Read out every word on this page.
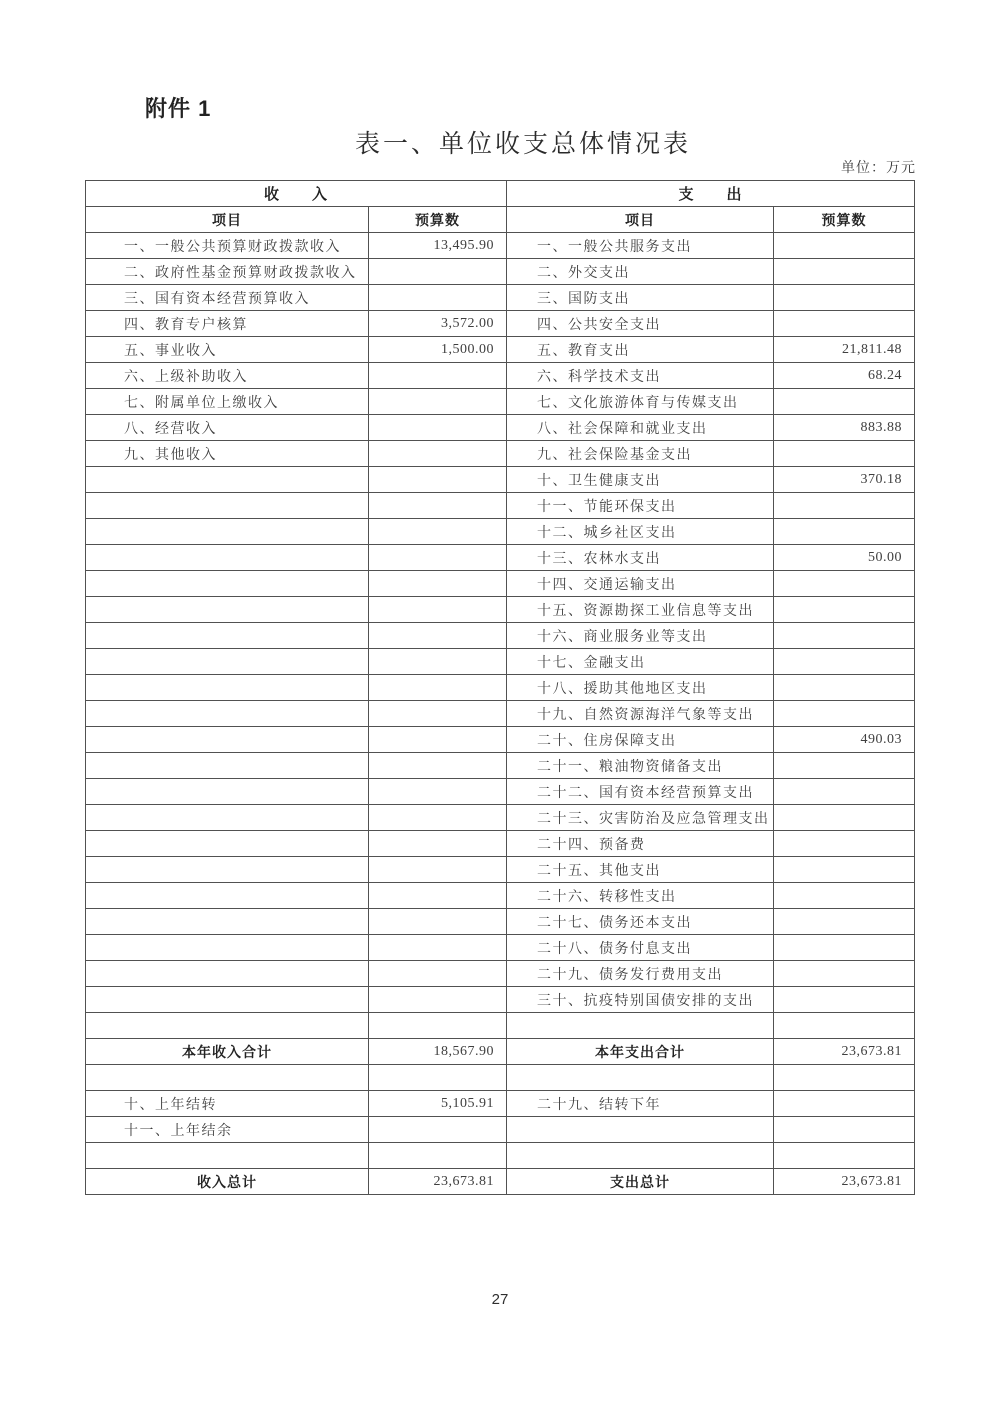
附件 1
表一、单位收支总体情况表
单位：万元
收　　入		支　　出	
项目	预算数	项目	预算数
一、一般公共预算财政拨款收入	13,495.90	一、一般公共服务支出	
二、政府性基金预算财政拨款收入		二、外交支出	
三、国有资本经营预算收入		三、国防支出	
四、教育专户核算	3,572.00	四、公共安全支出	
五、事业收入	1,500.00	五、教育支出	21,811.48
六、上级补助收入		六、科学技术支出	68.24
七、附属单位上缴收入		七、文化旅游体育与传媒支出	
八、经营收入		八、社会保障和就业支出	883.88
九、其他收入		九、社会保险基金支出	
		十、卫生健康支出	370.18
		十一、节能环保支出	
		十二、城乡社区支出	
		十三、农林水支出	50.00
		十四、交通运输支出	
		十五、资源勘探工业信息等支出	
		十六、商业服务业等支出	
		十七、金融支出	
		十八、援助其他地区支出	
		十九、自然资源海洋气象等支出	
		二十、住房保障支出	490.03
		二十一、粮油物资储备支出	
		二十二、国有资本经营预算支出	
		二十三、灾害防治及应急管理支出	
		二十四、预备费	
		二十五、其他支出	
		二十六、转移性支出	
		二十七、债务还本支出	
		二十八、债务付息支出	
		二十九、债务发行费用支出	
		三十、抗疫特别国债安排的支出	

本年收入合计	18,567.90	本年支出合计	23,673.81

十、上年结转	5,105.91	二十九、结转下年	
十一、上年结余			

收入总计	23,673.81	支出总计	23,673.81
27
